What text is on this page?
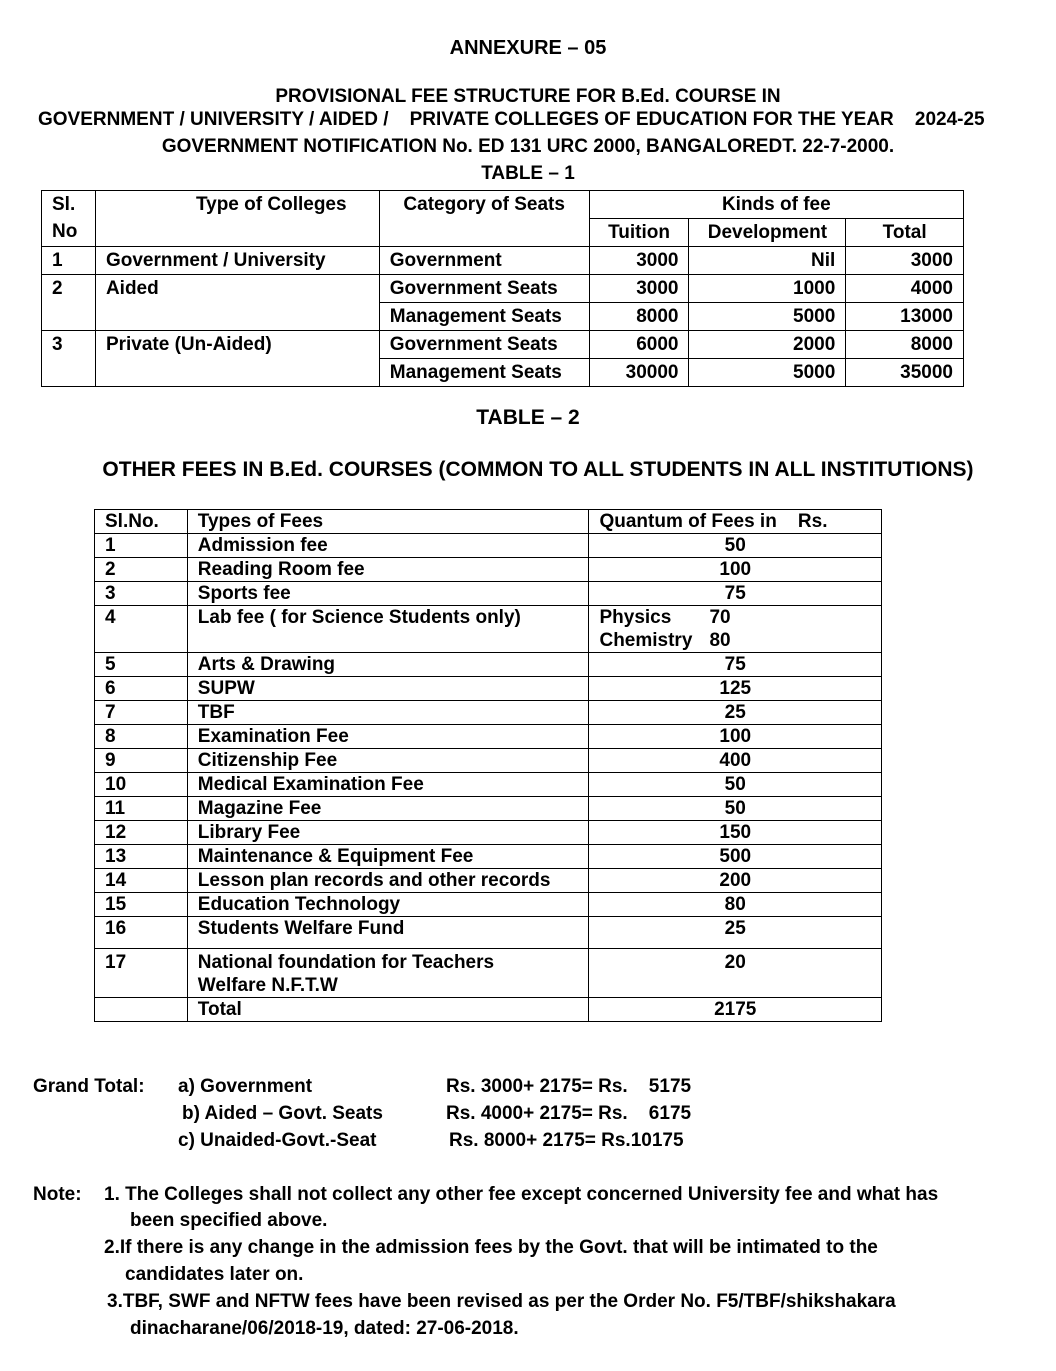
ANNEXURE – 05
PROVISIONAL FEE STRUCTURE FOR B.Ed. COURSE IN
GOVERNMENT / UNIVERSITY / AIDED /    PRIVATE COLLEGES OF EDUCATION FOR THE YEAR    2024-25
GOVERNMENT NOTIFICATION No. ED 131 URC 2000, BANGALOREDT. 22-7-2000.
TABLE – 1
Sl.
No	Type of Colleges	Category of Seats	Kinds of fee		
			Tuition	Development	Total
1	Government / University	Government	3000	Nil	3000
2	Aided	Government Seats	3000	1000	4000
		Management Seats	8000	5000	13000
3	Private (Un-Aided)	Government Seats	6000	2000	8000
		Management Seats	30000	5000	35000
TABLE – 2
OTHER FEES IN B.Ed. COURSES (COMMON TO ALL STUDENTS IN ALL INSTITUTIONS)
Sl.No.	Types of Fees	Quantum of Fees in    Rs.
1	Admission fee	50
2	Reading Room fee	100
3	Sports fee	75
4	Lab fee ( for Science Students only)	Physics 70
Chemistry 80

5	Arts & Drawing	75
6	SUPW	125
7	TBF	25
8	Examination Fee	100
9	Citizenship Fee	400
10	Medical Examination Fee	50
11	Magazine Fee	50
12	Library Fee	150
13	Maintenance & Equipment Fee	500
14	Lesson plan records and other records	200
15	Education Technology	80
16	Students Welfare Fund	25
17	National foundation for Teachers
Welfare N.F.T.W	20
	Total	2175
Grand Total: a) Government	Rs. 3000+ 2175= Rs.    5175
b) Aided – Govt. Seats	Rs. 4000+ 2175= Rs.    6175
c) Unaided-Govt.-Seat	Rs. 8000+ 2175= Rs.10175
Note: 1. The Colleges shall not collect any other fee except concerned University fee and what has
been specified above.
2.If there is any change in the admission fees by the Govt. that will be intimated to the
candidates later on.
3.TBF, SWF and NFTW fees have been revised as per the Order No. F5/TBF/shikshakara
dinacharane/06/2018-19, dated: 27-06-2018.
